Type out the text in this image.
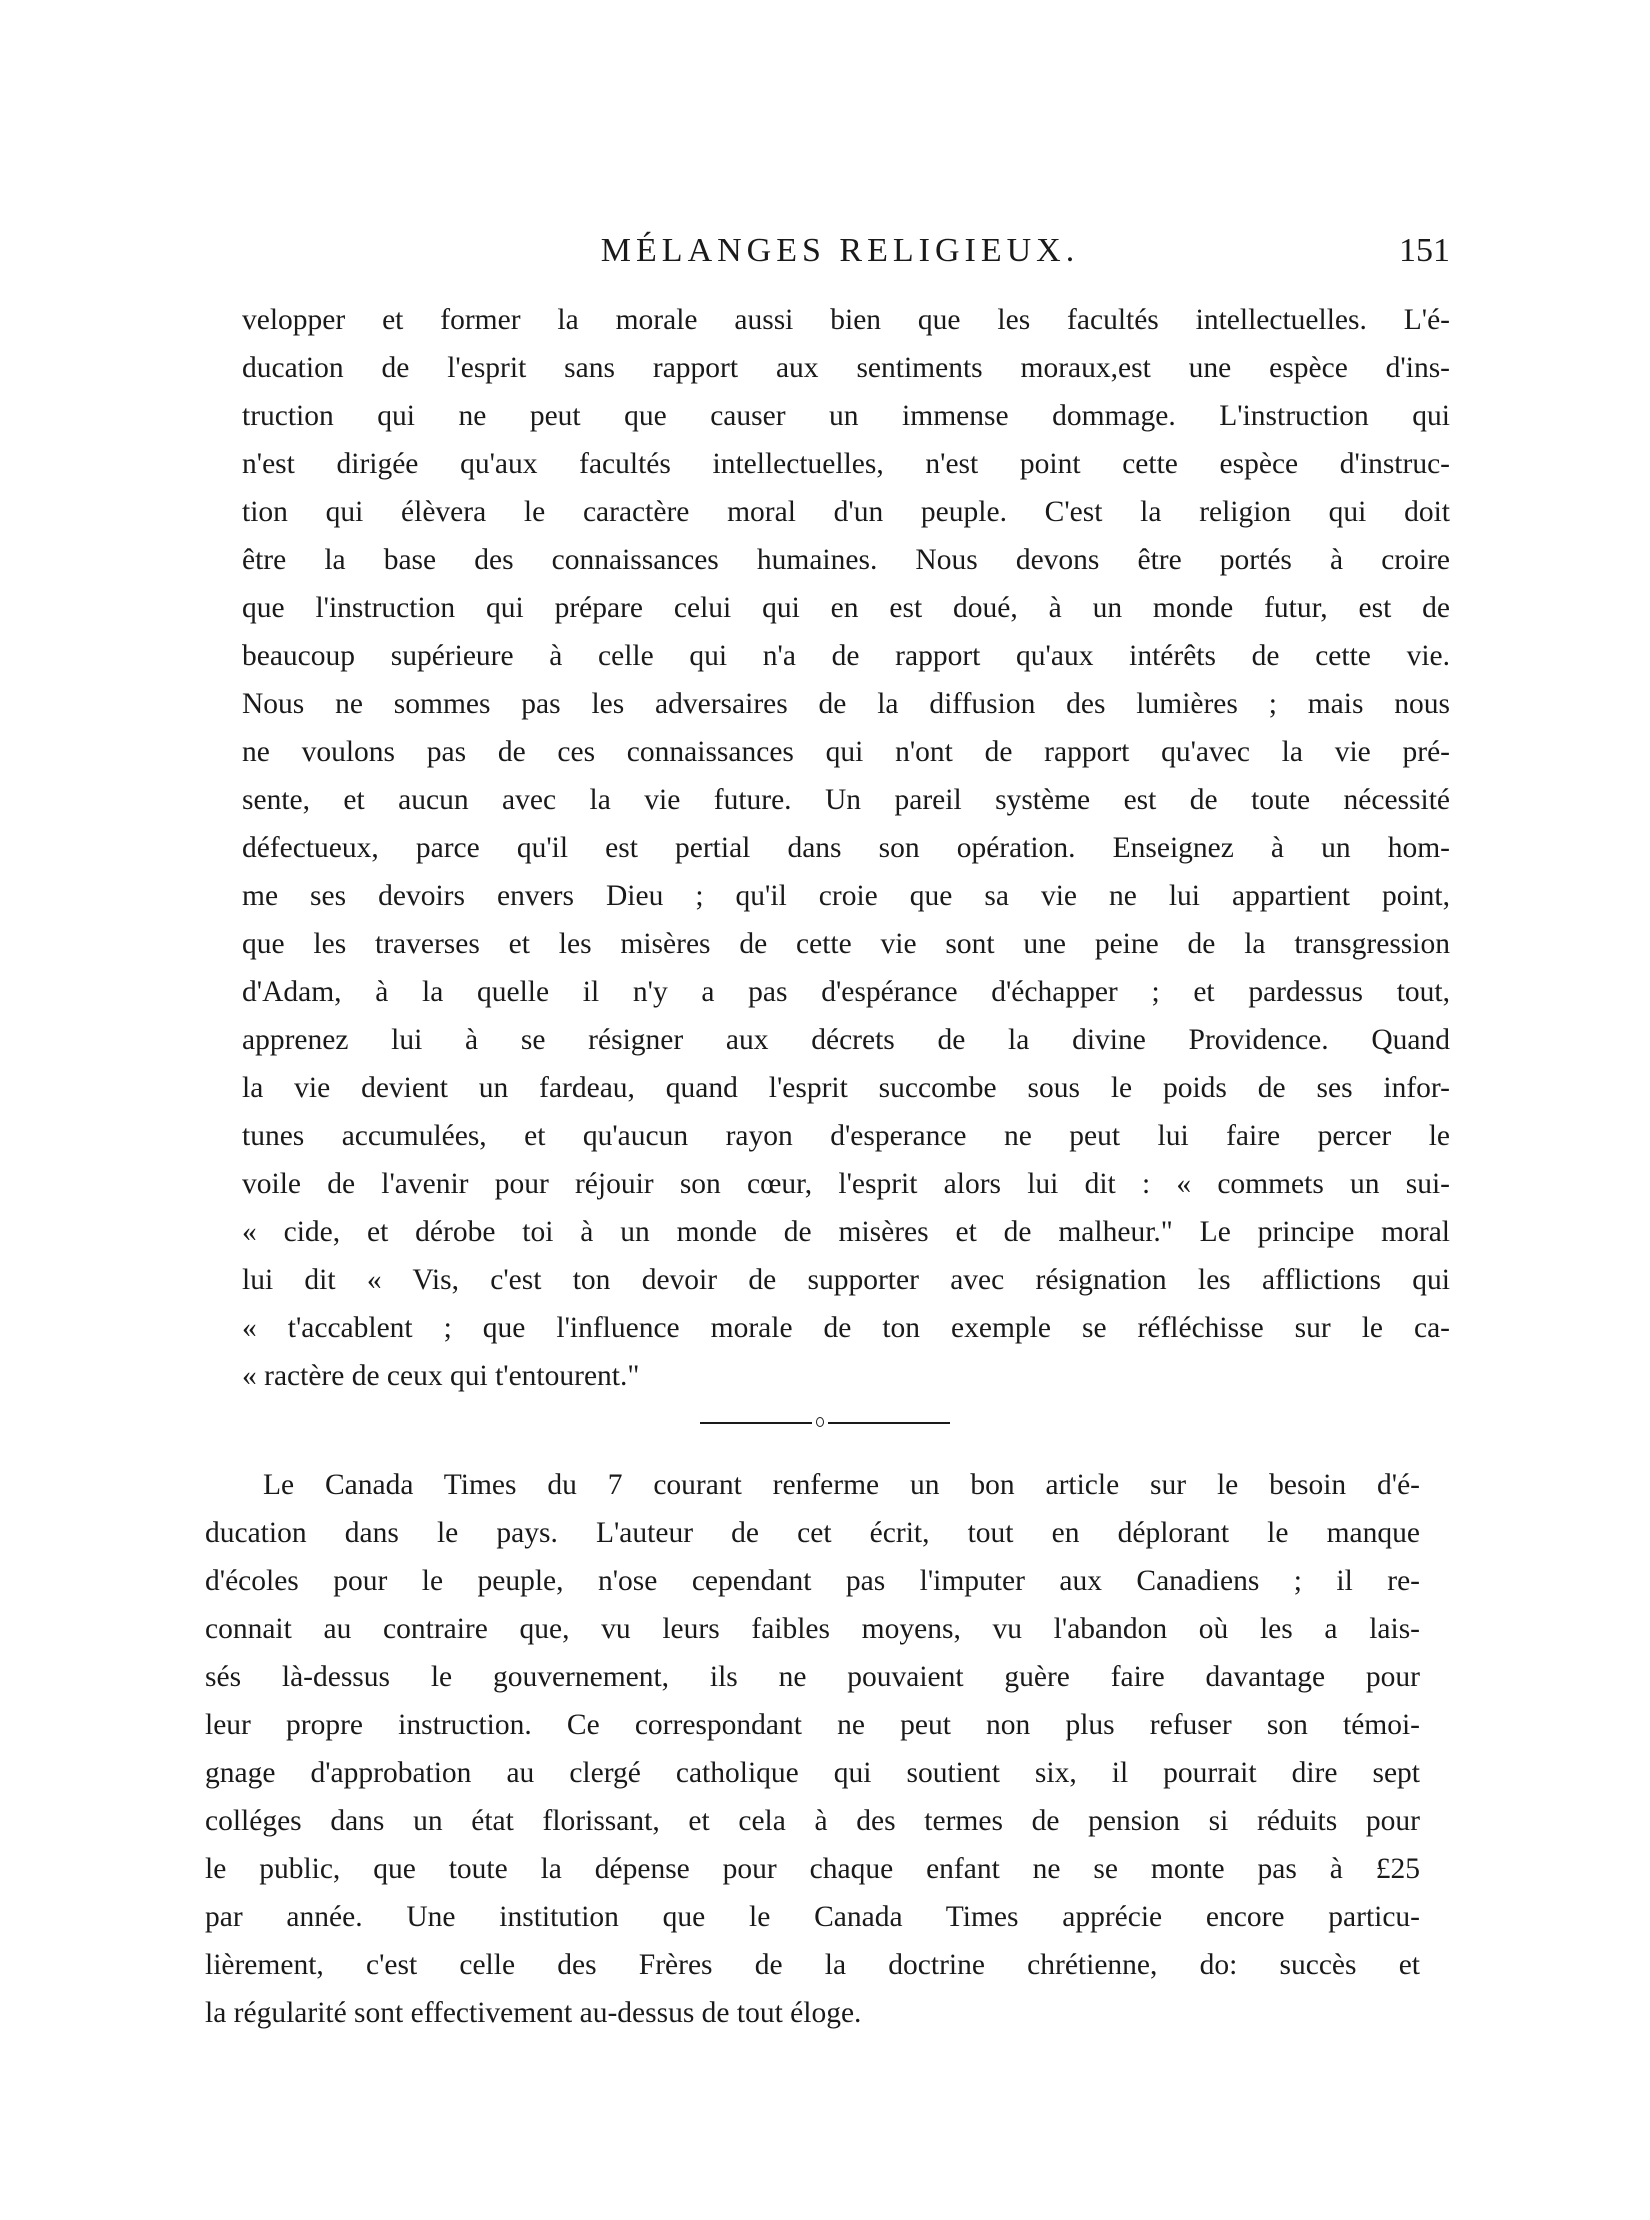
MÉLANGES RELIGIEUX.	151
velopper et former la morale aussi bien que les facultés intellectuelles. L'é-
ducation de l'esprit sans rapport aux sentiments moraux,est une espèce d'ins-
truction qui ne peut que causer un immense dommage. L'instruction qui
n'est dirigée qu'aux facultés intellectuelles, n'est point cette espèce d'instruc-
tion qui élèvera le caractère moral d'un peuple. C'est la religion qui doit
être la base des connaissances humaines. Nous devons être portés à croire
que l'instruction qui prépare celui qui en est doué, à un monde futur, est de
beaucoup supérieure à celle qui n'a de rapport qu'aux intérêts de cette vie.
Nous ne sommes pas les adversaires de la diffusion des lumières ; mais nous
ne voulons pas de ces connaissances qui n'ont de rapport qu'avec la vie pré-
sente, et aucun avec la vie future. Un pareil système est de toute nécessité
défectueux, parce qu'il est pertial dans son opération. Enseignez à un hom-
me ses devoirs envers Dieu ; qu'il croie que sa vie ne lui appartient point,
que les traverses et les misères de cette vie sont une peine de la transgression
d'Adam, à la quelle il n'y a pas d'espérance d'échapper ; et pardessus tout,
apprenez lui à se résigner aux décrets de la divine Providence. Quand
la vie devient un fardeau, quand l'esprit succombe sous le poids de ses infor-
tunes accumulées, et qu'aucun rayon d'esperance ne peut lui faire percer le
voile de l'avenir pour réjouir son cœur, l'esprit alors lui dit : « commets un sui-
« cide, et dérobe toi à un monde de misères et de malheur." Le principe moral
lui dit « Vis, c'est ton devoir de supporter avec résignation les afflictions qui
« t'accablent ; que l'influence morale de ton exemple se réfléchisse sur le ca-
« ractère de ceux qui t'entourent."
Le Canada Times du 7 courant renferme un bon article sur le besoin d'é-
ducation dans le pays. L'auteur de cet écrit, tout en déplorant le manque
d'écoles pour le peuple, n'ose cependant pas l'imputer aux Canadiens ; il re-
connait au contraire que, vu leurs faibles moyens, vu l'abandon où les a lais-
sés là-dessus le gouvernement, ils ne pouvaient guère faire davantage pour
leur propre instruction. Ce correspondant ne peut non plus refuser son témoi-
gnage d'approbation au clergé catholique qui soutient six, il pourrait dire sept
colléges dans un état florissant, et cela à des termes de pension si réduits pour
le public, que toute la dépense pour chaque enfant ne se monte pas à £25
par année. Une institution que le Canada Times apprécie encore particu-
lièrement, c'est celle des Frères de la doctrine chrétienne, do: succès et
la régularité sont effectivement au-dessus de tout éloge.
